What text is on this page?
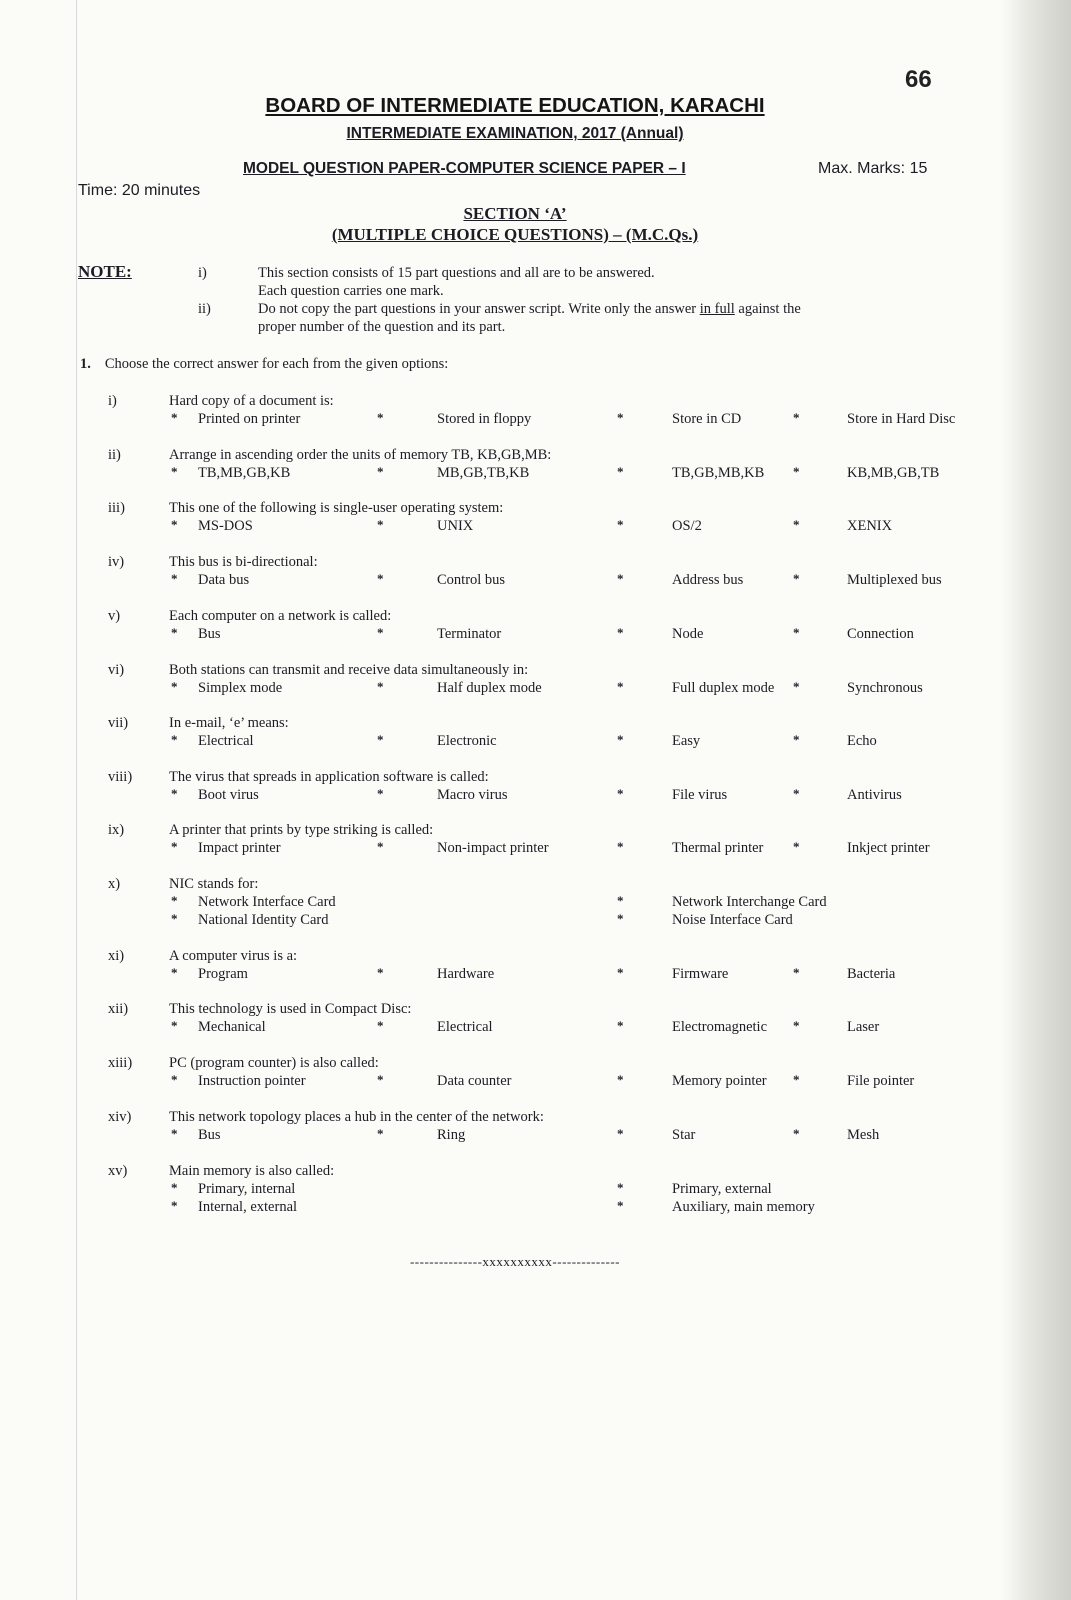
66
BOARD OF INTERMEDIATE EDUCATION, KARACHI
INTERMEDIATE EXAMINATION, 2017 (Annual)
MODEL QUESTION PAPER-COMPUTER SCIENCE PAPER – I	Max. Marks: 15
Time: 20 minutes
SECTION ‘A’
(MULTIPLE CHOICE QUESTIONS) – (M.C.Qs.)
NOTE:	i)	This section consists of 15 part questions and all are to be answered.
Each question carries one mark.
ii)	Do not copy the part questions in your answer script. Write only the answer in full against the
proper number of the question and its part.
1. Choose the correct answer for each from the given options:
i)	Hard copy of a document is:
* Printed on printer	*	Stored in floppy	*	Store in CD	*	Store in Hard Disc
ii)	Arrange in ascending order the units of memory TB, KB,GB,MB:
* TB,MB,GB,KB	*	MB,GB,TB,KB	*	TB,GB,MB,KB *	KB,MB,GB,TB
iii)	This one of the following is single-user operating system:
* MS-DOS	*	UNIX	*	OS/2	*	XENIX
iv)	This bus is bi-directional:
* Data bus	*	Control bus	*	Address bus	*	Multiplexed bus
v)	Each computer on a network is called:
* Bus	*	Terminator	*	Node	*	Connection
vi)	Both stations can transmit and receive data simultaneously in:
* Simplex mode	*	Half duplex mode	*	Full duplex mode *	Synchronous
vii)	In e-mail, ‘e’ means:
* Electrical	*	Electronic	*	Easy	*	Echo
viii)	The virus that spreads in application software is called:
* Boot virus	*	Macro virus	*	File virus	*	Antivirus
ix)	A printer that prints by type striking is called:
* Impact printer	*	Non-impact printer	*	Thermal printer *	Inkject printer
x)	NIC stands for:
* Network Interface Card	*	Network Interchange Card
* National Identity Card	*	Noise Interface Card
xi)	A computer virus is a:
* Program	*	Hardware	*	Firmware	*	Bacteria
xii)	This technology is used in Compact Disc:
* Mechanical	*	Electrical	*	Electromagnetic *	Laser
xiii)	PC (program counter) is also called:
* Instruction pointer	*	Data counter	*	Memory pointer *	File pointer
xiv)	This network topology places a hub in the center of the network:
* Bus	*	Ring	*	Star	*	Mesh
xv)	Main memory is also called:
* Primary, internal	*	Primary, external
* Internal, external	*	Auxiliary, main memory
---------------xxxxxxxxxx--------------
